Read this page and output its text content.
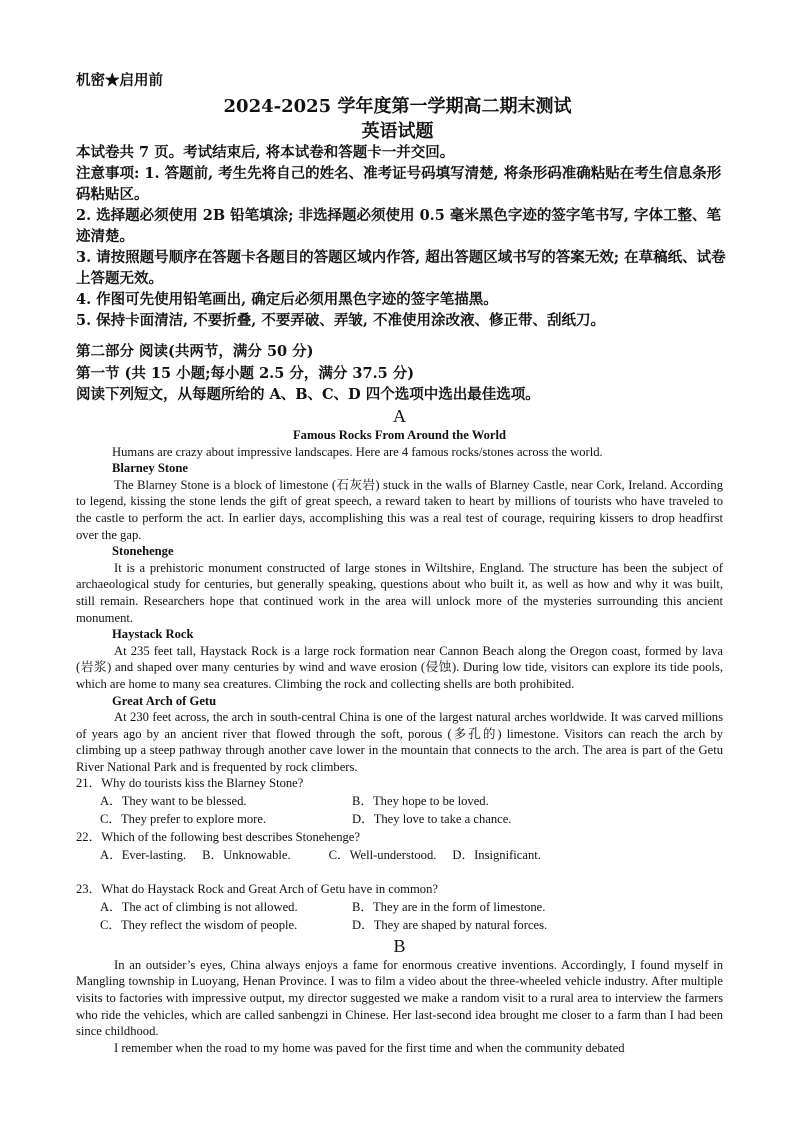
机密★启用前
2024-2025 学年度第一学期高二期末测试
英语试题
本试卷共 7 页。考试结束后, 将本试卷和答题卡一并交回。
注意事项: 1. 答题前, 考生先将自己的姓名、准考证号码填写清楚, 将条形码准确粘贴在考生信息条形码粘贴区。
2. 选择题必须使用 2B 铅笔填涂; 非选择题必须使用 0.5 毫米黑色字迹的签字笔书写, 字体工整、笔迹清楚。
3. 请按照题号顺序在答题卡各题目的答题区域内作答, 超出答题区域书写的答案无效; 在草稿纸、试卷上答题无效。
4. 作图可先使用铅笔画出, 确定后必须用黑色字迹的签字笔描黑。
5. 保持卡面清洁, 不要折叠, 不要弄破、弄皱, 不准使用涂改液、修正带、刮纸刀。
第二部分 阅读(共两节，满分 50 分)
第一节 (共 15 小题;每小题 2.5 分，满分 37.5 分)
阅读下列短文，从每题所给的 A、B、C、D 四个选项中选出最佳选项。
A
Famous Rocks From Around the World

Humans are crazy about impressive landscapes. Here are 4 famous rocks/stones across the world.

Blarney Stone

The Blarney Stone is a block of limestone (石灰岩) stuck in the walls of Blarney Castle, near Cork, Ireland. According to legend, kissing the stone lends the gift of great speech, a reward taken to heart by millions of tourists who have traveled to the castle to perform the act. In earlier days, accomplishing this was a real test of courage, requiring kissers to drop headfirst over the gap.

Stonehenge

It is a prehistoric monument constructed of large stones in Wiltshire, England. The structure has been the subject of archaeological study for centuries, but generally speaking, questions about who built it, as well as how and why it was built, still remain. Researchers hope that continued work in the area will unlock more of the mysteries surrounding this ancient monument.

Haystack Rock

At 235 feet tall, Haystack Rock is a large rock formation near Cannon Beach along the Oregon coast, formed by lava (岩浆) and shaped over many centuries by wind and wave erosion (侵蚀). During low tide, visitors can explore its tide pools, which are home to many sea creatures. Climbing the rock and collecting shells are both prohibited.

Great Arch of Getu

At 230 feet across, the arch in south-central China is one of the largest natural arches worldwide. It was carved millions of years ago by an ancient river that flowed through the soft, porous (多孔的) limestone. Visitors can reach the arch by climbing up a steep pathway through another cave lower in the mountain that connects to the arch. The area is part of the Getu River National Park and is frequented by rock climbers.

21．Why do tourists kiss the Blarney Stone?
A．They want to be blessed.	B．They hope to be loved.
C．They prefer to explore more.	D．They love to take a chance.
22．Which of the following best describes Stonehenge?
A．Ever-lasting. B．Unknowable.	C．Well-understood. D．Insignificant.
23．What do Haystack Rock and Great Arch of Getu have in common?
A．The act of climbing is not allowed.	B．They are in the form of limestone.
C．They reflect the wisdom of people.	D．They are shaped by natural forces.
B

In an outsider’s eyes, China always enjoys a fame for enormous creative inventions. Accordingly, I found myself in Mangling township in Luoyang, Henan Province. I was to film a video about the three-wheeled vehicle industry. After multiple visits to factories with impressive output, my director suggested we make a random visit to a rural area to interview the farmers who ride the vehicles, which are called sanbengzi in Chinese. Her last-second idea brought me closer to a farm than I had been since childhood.

I remember when the road to my home was paved for the first time and when the community debated
